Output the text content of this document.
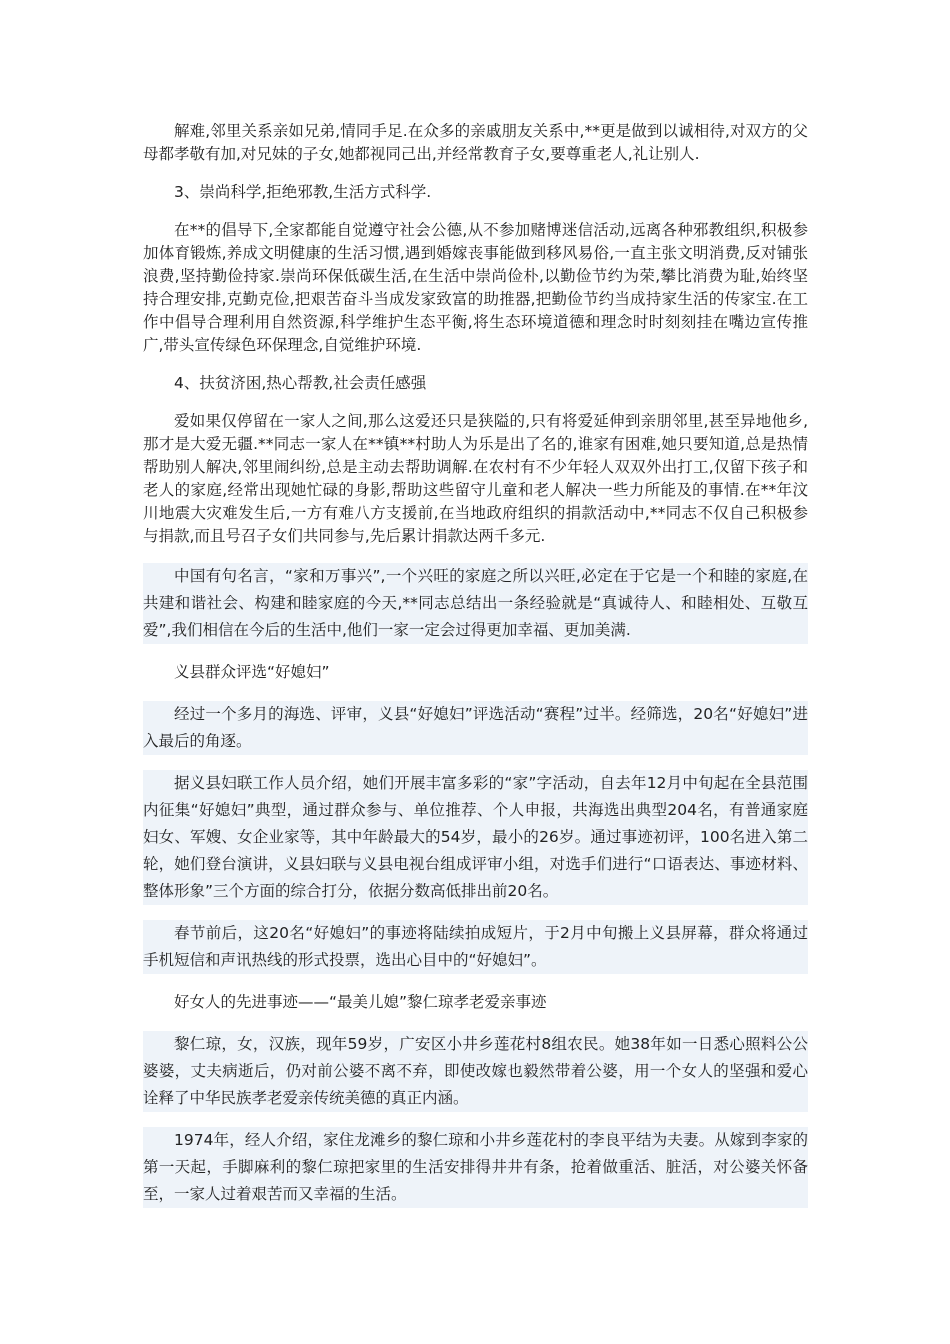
解难,邻里关系亲如兄弟,情同手足.在众多的亲戚朋友关系中,**更是做到以诚相待,对双方的父母都孝敬有加,对兄妹的子女,她都视同己出,并经常教育子女,要尊重老人,礼让别人.

3、崇尚科学,拒绝邪教,生活方式科学.

在**的倡导下,全家都能自觉遵守社会公德,从不参加赌博迷信活动,远离各种邪教组织,积极参加体育锻炼,养成文明健康的生活习惯,遇到婚嫁丧事能做到移风易俗,一直主张文明消费,反对铺张浪费,坚持勤俭持家.崇尚环保低碳生活,在生活中崇尚俭朴,以勤俭节约为荣,攀比消费为耻,始终坚持合理安排,克勤克俭,把艰苦奋斗当成发家致富的助推器,把勤俭节约当成持家生活的传家宝.在工作中倡导合理利用自然资源,科学维护生态平衡,将生态环境道德和理念时时刻刻挂在嘴边宣传推广,带头宣传绿色环保理念,自觉维护环境.

4、扶贫济困,热心帮教,社会责任感强

爱如果仅停留在一家人之间,那么这爱还只是狭隘的,只有将爱延伸到亲朋邻里,甚至异地他乡,那才是大爱无疆.**同志一家人在**镇**村助人为乐是出了名的,谁家有困难,她只要知道,总是热情帮助别人解决,邻里闹纠纷,总是主动去帮助调解.在农村有不少年轻人双双外出打工,仅留下孩子和老人的家庭,经常出现她忙碌的身影,帮助这些留守儿童和老人解决一些力所能及的事情.在**年汶川地震大灾难发生后,一方有难八方支援前,在当地政府组织的捐款活动中,**同志不仅自己积极参与捐款,而且号召子女们共同参与,先后累计捐款达两千多元.

中国有句名言，“家和万事兴”,一个兴旺的家庭之所以兴旺,必定在于它是一个和睦的家庭,在共建和谐社会、构建和睦家庭的今天,**同志总结出一条经验就是“真诚待人、和睦相处、互敬互爱”,我们相信在今后的生活中,他们一家一定会过得更加幸福、更加美满.

义县群众评选“好媳妇”

经过一个多月的海选、评审，义县“好媳妇”评选活动“赛程”过半。经筛选，20名“好媳妇”进入最后的角逐。

据义县妇联工作人员介绍，她们开展丰富多彩的“家”字活动，自去年12月中旬起在全县范围内征集“好媳妇”典型，通过群众参与、单位推荐、个人申报，共海选出典型204名，有普通家庭妇女、军嫂、女企业家等，其中年龄最大的54岁，最小的26岁。通过事迹初评，100名进入第二轮，她们登台演讲，义县妇联与义县电视台组成评审小组，对选手们进行“口语表达、事迹材料、整体形象”三个方面的综合打分，依据分数高低排出前20名。

春节前后，这20名“好媳妇”的事迹将陆续拍成短片，于2月中旬搬上义县屏幕，群众将通过手机短信和声讯热线的形式投票，选出心目中的“好媳妇”。

好女人的先进事迹——“最美儿媳”黎仁琼孝老爱亲事迹

黎仁琼，女，汉族，现年59岁，广安区小井乡莲花村8组农民。她38年如一日悉心照料公公婆婆，丈夫病逝后，仍对前公婆不离不弃，即使改嫁也毅然带着公婆，用一个女人的坚强和爱心诠释了中华民族孝老爱亲传统美德的真正内涵。

1974年，经人介绍，家住龙滩乡的黎仁琼和小井乡莲花村的李良平结为夫妻。从嫁到李家的第一天起，手脚麻利的黎仁琼把家里的生活安排得井井有条，抢着做重活、脏活，对公婆关怀备至，一家人过着艰苦而又幸福的生活。
